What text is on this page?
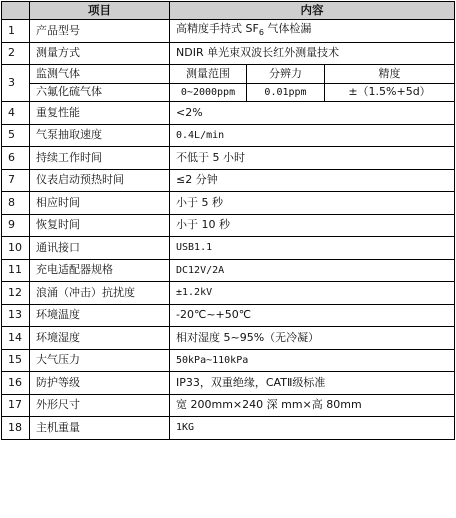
	项目	内容		
1	产品型号	高精度手持式 $SF_6$ 气体检漏		
2	测量方式	NDIR 单光束双波长红外测量技术		
3	监测气体	测量范围	分辨力	精度
	六氟化硫气体	0~2000ppm	0.01ppm	±（1.5%+5d）
4	重复性能	<2%		
5	气泵抽取速度	0.4L/min		
6	持续工作时间	不低于 5 小时		
7	仪表启动预热时间	≤2 分钟		
8	相应时间	小于 5 秒		
9	恢复时间	小于 10 秒		
10	通讯接口	USB1.1		
11	充电适配器规格	DC12V/2A		
12	浪涌（冲击）抗扰度	±1.2kV		
13	环境温度	-20℃~+50℃		
14	环境湿度	相对湿度 5~95%（无冷凝）		
15	大气压力	50kPa~110kPa		
16	防护等级	IP33，双重绝缘，CATⅡ级标准		
17	外形尺寸	宽 200mm×240 深 mm×高 80mm		
18	主机重量	1KG		
